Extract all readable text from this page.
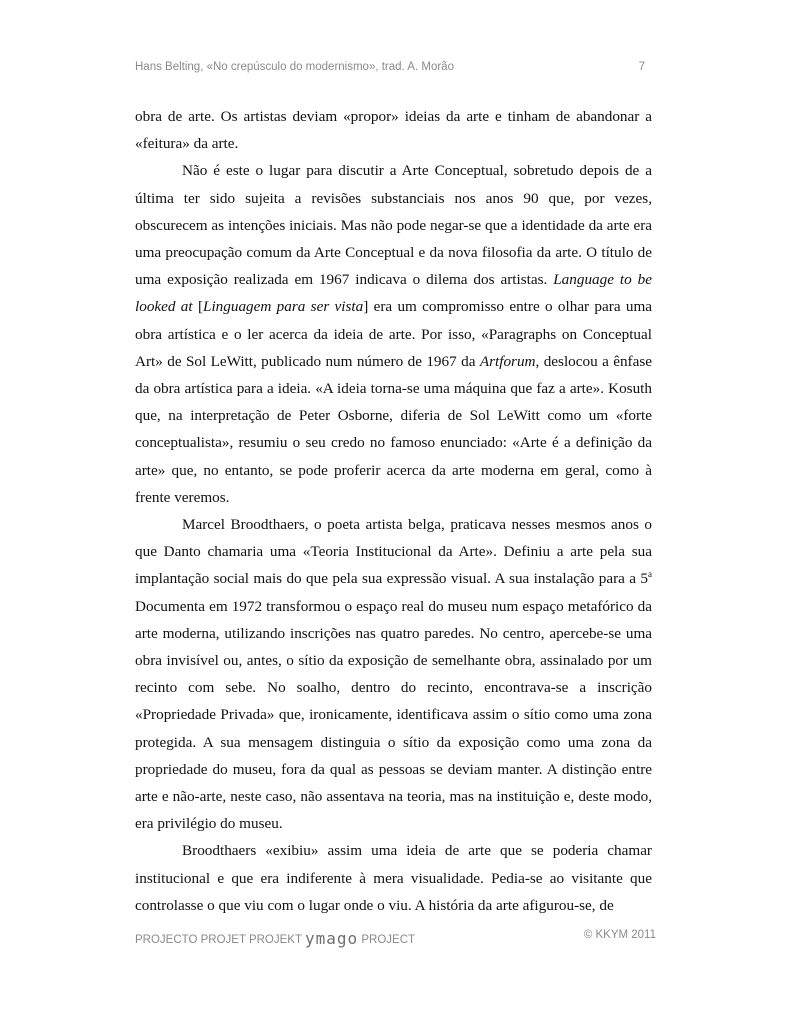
Hans Belting, «No crepúsculo do modernismo», trad. A. Morão	7

obra de arte. Os artistas deviam «propor» ideias da arte e tinham de abandonar a «feitura» da arte.

Não é este o lugar para discutir a Arte Conceptual, sobretudo depois de a última ter sido sujeita a revisões substanciais nos anos 90 que, por vezes, obscurecem as intenções iniciais. Mas não pode negar-se que a identidade da arte era uma preocupação comum da Arte Conceptual e da nova filosofia da arte. O título de uma exposição realizada em 1967 indicava o dilema dos artistas. Language to be looked at [Linguagem para ser vista] era um compromisso entre o olhar para uma obra artística e o ler acerca da ideia de arte. Por isso, «Paragraphs on Conceptual Art» de Sol LeWitt, publicado num número de 1967 da Artforum, deslocou a ênfase da obra artística para a ideia. «A ideia torna-se uma máquina que faz a arte». Kosuth que, na interpretação de Peter Osborne, diferia de Sol LeWitt como um «forte conceptualista», resumiu o seu credo no famoso enunciado: «Arte é a definição da arte» que, no entanto, se pode proferir acerca da arte moderna em geral, como à frente veremos.

Marcel Broodthaers, o poeta artista belga, praticava nesses mesmos anos o que Danto chamaria uma «Teoria Institucional da Arte». Definiu a arte pela sua implantação social mais do que pela sua expressão visual. A sua instalação para a 5$^a$ Documenta em 1972 transformou o espaço real do museu num espaço metafórico da arte moderna, utilizando inscrições nas quatro paredes. No centro, apercebe-se uma obra invisível ou, antes, o sítio da exposição de semelhante obra, assinalado por um recinto com sebe. No soalho, dentro do recinto, encontrava-se a inscrição «Propriedade Privada» que, ironicamente, identificava assim o sítio como uma zona protegida. A sua mensagem distinguia o sítio da exposição como uma zona da propriedade do museu, fora da qual as pessoas se deviam manter. A distinção entre arte e não-arte, neste caso, não assentava na teoria, mas na instituição e, deste modo, era privilégio do museu.

Broodthaers «exibiu» assim uma ideia de arte que se poderia chamar institucional e que era indiferente à mera visualidade. Pedia-se ao visitante que controlasse o que viu com o lugar onde o viu. A história da arte afigurou-se, de

PROJECTO PROJET PROJEKT ymago PROJECT	© KKYM 2011
